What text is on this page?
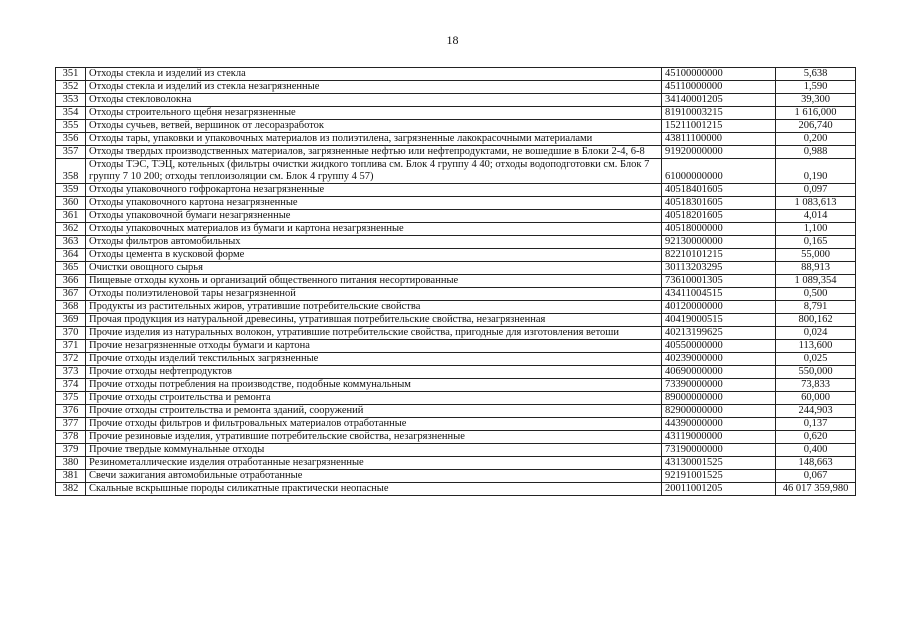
18
351	Отходы стекла и изделий из стекла	45100000000	5,638
352	Отходы стекла и изделий из стекла незагрязненные	45110000000	1,590
353	Отходы стекловолокна	34140001205	39,300
354	Отходы строительного щебня незагрязненные	81910003215	1 616,000
355	Отходы сучьев, ветвей, вершинок от лесоразработок	15211001215	206,740
356	Отходы тары, упаковки и упаковочных материалов из полиэтилена, загрязненные лакокрасочными материалами	43811100000	0,200
357	Отходы твердых производственных материалов, загрязненные нефтью или нефтепродуктами, не вошедшие в Блоки 2-4, 6-8	91920000000	0,988
358	Отходы ТЭС, ТЭЦ, котельных (фильтры очистки жидкого топлива см. Блок 4 группу 4 40; отходы водоподготовки см. Блок 7 группу 7 10 200; отходы теплоизоляции см. Блок 4 группу 4 57)	61000000000	0,190
359	Отходы упаковочного гофрокартона незагрязненные	40518401605	0,097
360	Отходы упаковочного картона незагрязненные	40518301605	1 083,613
361	Отходы упаковочной бумаги незагрязненные	40518201605	4,014
362	Отходы упаковочных материалов из бумаги и картона незагрязненные	40518000000	1,100
363	Отходы фильтров автомобильных	92130000000	0,165
364	Отходы цемента в кусковой форме	82210101215	55,000
365	Очистки овощного сырья	30113203295	88,913
366	Пищевые отходы кухонь и организаций общественного питания несортированные	73610001305	1 089,354
367	Отходы полиэтиленовой тары незагрязненной	43411004515	0,500
368	Продукты из растительных жиров, утратившие потребительские свойства	40120000000	8,791
369	Прочая продукция из натуральной древесины, утратившая потребительские свойства, незагрязненная	40419000515	800,162
370	Прочие изделия из натуральных волокон, утратившие потребительские свойства, пригодные для изготовления ветоши	40213199625	0,024
371	Прочие незагрязненные отходы бумаги и картона	40550000000	113,600
372	Прочие отходы изделий текстильных загрязненные	40239000000	0,025
373	Прочие отходы нефтепродуктов	40690000000	550,000
374	Прочие отходы потребления на производстве, подобные коммунальным	73390000000	73,833
375	Прочие отходы строительства и ремонта	89000000000	60,000
376	Прочие отходы строительства и ремонта зданий, сооружений	82900000000	244,903
377	Прочие отходы фильтров и фильтровальных материалов отработанные	44390000000	0,137
378	Прочие резиновые изделия, утратившие потребительские свойства, незагрязненные	43119000000	0,620
379	Прочие твердые коммунальные отходы	73190000000	0,400
380	Резинометаллические изделия отработанные незагрязненные	43130001525	148,663
381	Свечи зажигания автомобильные отработанные	92191001525	0,067
382	Скальные вскрышные породы силикатные практически неопасные	20011001205	46 017 359,980
